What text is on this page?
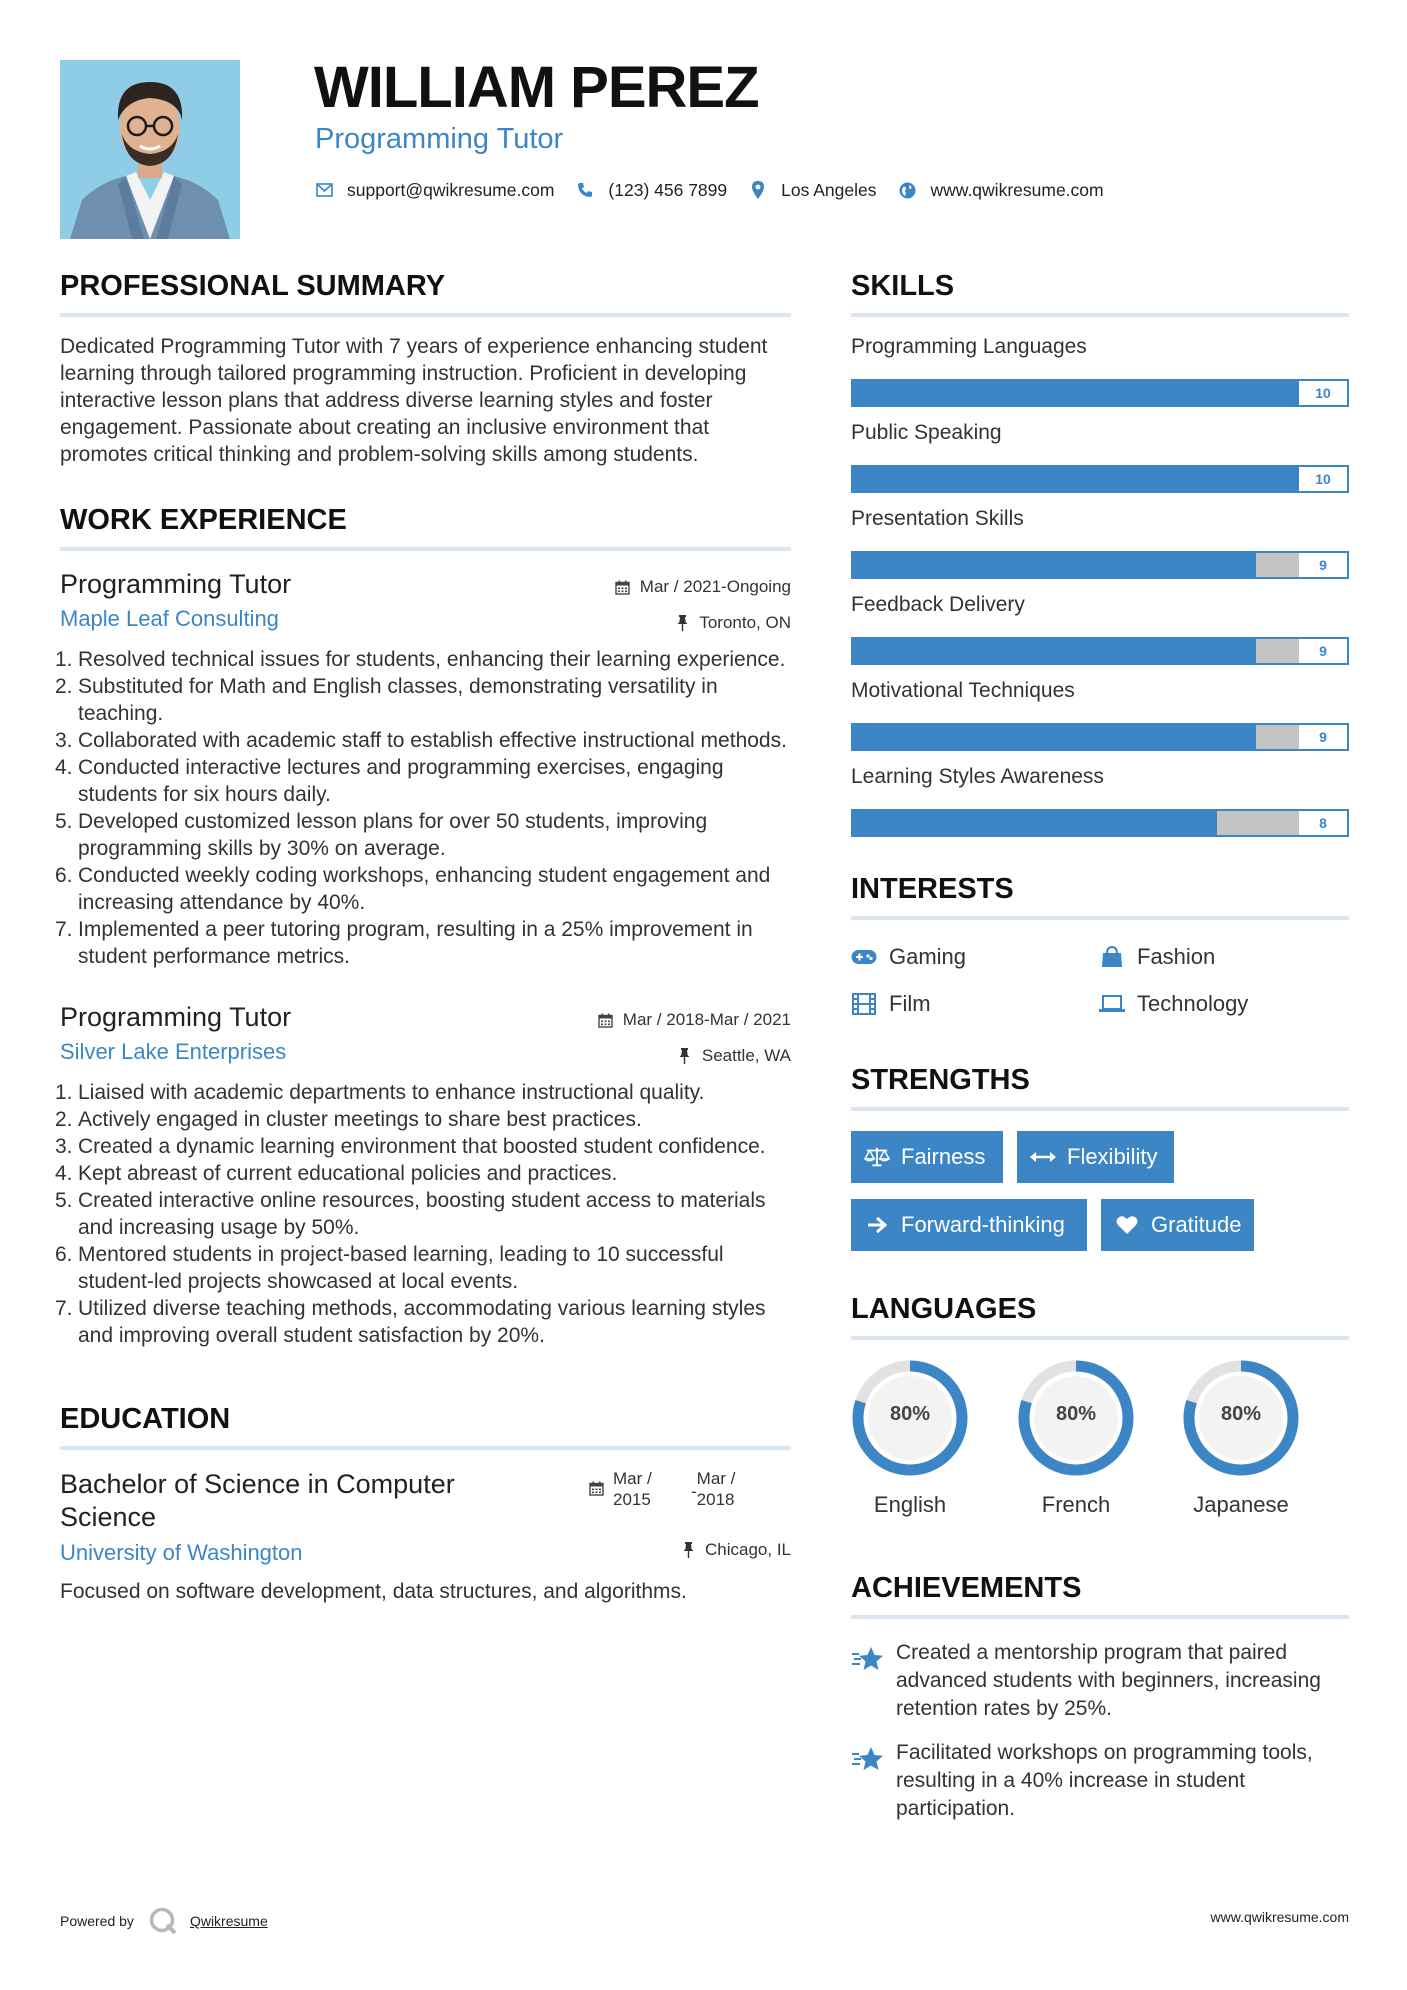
WILLIAM PEREZ
Programming Tutor
support@qwikresume.com	(123) 456 7899	Los Angeles	www.qwikresume.com
PROFESSIONAL SUMMARY

Dedicated Programming Tutor with 7 years of experience enhancing student learning through tailored programming instruction. Proficient in developing interactive lesson plans that address diverse learning styles and foster engagement. Passionate about creating an inclusive environment that promotes critical thinking and problem-solving skills among students.

WORK EXPERIENCE
Programming Tutor
Maple Leaf Consulting
Mar / 2021-Ongoing
Toronto, ON
1. Resolved technical issues for students, enhancing their learning experience.
2. Substituted for Math and English classes, demonstrating versatility in teaching.
3. Collaborated with academic staff to establish effective instructional methods.
4. Conducted interactive lectures and programming exercises, engaging students for six hours daily.
5. Developed customized lesson plans for over 50 students, improving programming skills by 30% on average.
6. Conducted weekly coding workshops, enhancing student engagement and increasing attendance by 40%.
7. Implemented a peer tutoring program, resulting in a 25% improvement in student performance metrics.
Programming Tutor
Silver Lake Enterprises
Mar / 2018-Mar / 2021
Seattle, WA
1. Liaised with academic departments to enhance instructional quality.
2. Actively engaged in cluster meetings to share best practices.
3. Created a dynamic learning environment that boosted student confidence.
4. Kept abreast of current educational policies and practices.
5. Created interactive online resources, boosting student access to materials and increasing usage by 50%.
6. Mentored students in project-based learning, leading to 10 successful student-led projects showcased at local events.
7. Utilized diverse teaching methods, accommodating various learning styles and improving overall student satisfaction by 20%.
EDUCATION
Bachelor of Science in Computer Science
University of Washington
Mar / 2015	-
Mar / 2018
Chicago, IL

Focused on software development, data structures, and algorithms.

SKILLS
Programming Languages
10
Public Speaking
10
Presentation Skills
9
Feedback Delivery
9
Motivational Techniques
9
Learning Styles Awareness
8
INTERESTS
Gaming	Fashion
Film	Technology
STRENGTHS
Fairness	Flexibility
Forward-thinking	Gratitude
LANGUAGES
80%
English
80%
French
80%
Japanese
ACHIEVEMENTS
Created a mentorship program that paired advanced students with beginners, increasing retention rates by 25%.
Facilitated workshops on programming tools, resulting in a 40% increase in student participation.
Powered by	Qwikresume	www.qwikresume.com
